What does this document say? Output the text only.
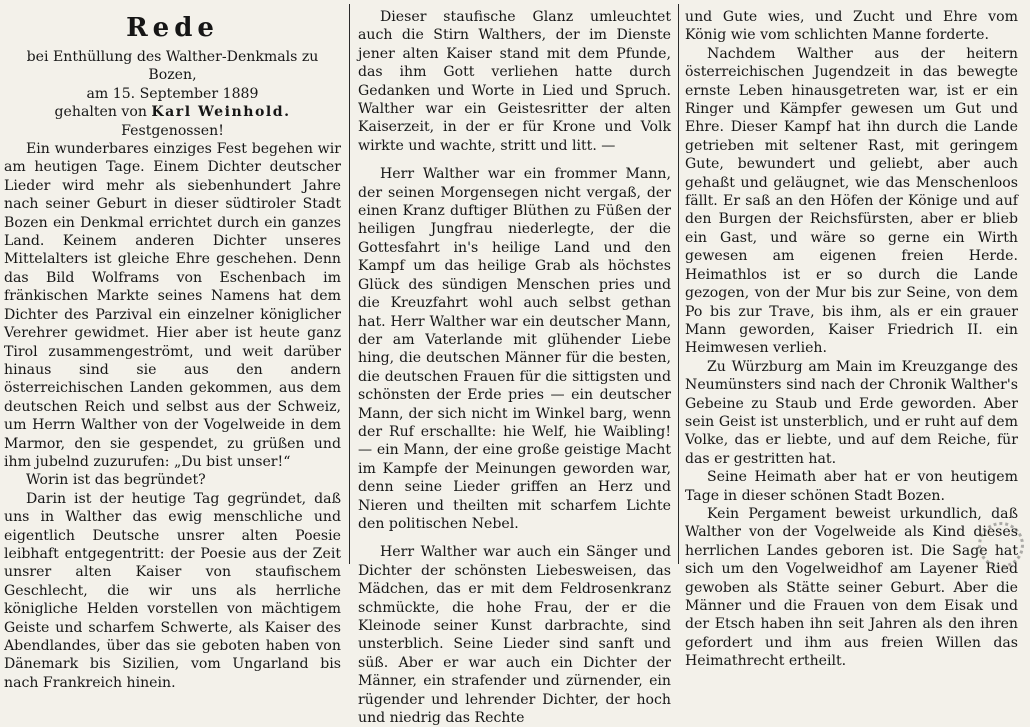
Rede
bei Enthüllung des Walther-Denkmals zu Bozen,
am 15. September 1889
gehalten von Karl Weinhold.
Festgenossen!

Ein wunderbares einziges Fest begehen wir am heutigen Tage. Einem Dichter deutscher Lieder wird mehr als siebenhundert Jahre nach seiner Geburt in dieser südtiroler Stadt Bozen ein Denkmal errichtet durch ein ganzes Land. Keinem anderen Dichter unseres Mittelalters ist gleiche Ehre geschehen. Denn das Bild Wolframs von Eschenbach im fränkischen Markte seines Namens hat dem Dichter des Parzival ein einzelner königlicher Verehrer gewidmet. Hier aber ist heute ganz Tirol zusammengeströmt, und weit darüber hinaus sind sie aus den andern österreichischen Landen gekommen, aus dem deutschen Reich und selbst aus der Schweiz, um Herrn Walther von der Vogelweide in dem Marmor, den sie gespendet, zu grüßen und ihm jubelnd zuzurufen: „Du bist unser!“

Worin ist das begründet?

Darin ist der heutige Tag gegründet, daß uns in Walther das ewig menschliche und eigentlich Deutsche unsrer alten Poesie leibhaft entgegentritt: der Poesie aus der Zeit unsrer alten Kaiser von staufischem Geschlecht, die wir uns als herrliche königliche Helden vorstellen von mächtigem Geiste und scharfem Schwerte, als Kaiser des Abendlandes, über das sie geboten haben von Dänemark bis Sizilien, vom Ungarland bis nach Frankreich hinein.

Dieser staufische Glanz umleuchtet auch die Stirn Walthers, der im Dienste jener alten Kaiser stand mit dem Pfunde, das ihm Gott verliehen hatte durch Gedanken und Worte in Lied und Spruch. Walther war ein Geistesritter der alten Kaiserzeit, in der er für Krone und Volk wirkte und wachte, stritt und litt. —

Herr Walther war ein frommer Mann, der seinen Morgensegen nicht vergaß, der einen Kranz duftiger Blüthen zu Füßen der heiligen Jungfrau niederlegte, der die Gottesfahrt in's heilige Land und den Kampf um das heilige Grab als höchstes Glück des sündigen Menschen pries und die Kreuzfahrt wohl auch selbst gethan hat. Herr Walther war ein deutscher Mann, der am Vaterlande mit glühender Liebe hing, die deutschen Männer für die besten, die deutschen Frauen für die sittigsten und schönsten der Erde pries — ein deutscher Mann, der sich nicht im Winkel barg, wenn der Ruf erschallte: hie Welf, hie Waibling! — ein Mann, der eine große geistige Macht im Kampfe der Meinungen geworden war, denn seine Lieder griffen an Herz und Nieren und theilten mit scharfem Lichte den politischen Nebel.

Herr Walther war auch ein Sänger und Dichter der schönsten Liebesweisen, das Mädchen, das er mit dem Feldrosenkranz schmückte, die hohe Frau, der er die Kleinode seiner Kunst darbrachte, sind unsterblich. Seine Lieder sind sanft und süß. Aber er war auch ein Dichter der Männer, ein strafender und zürnender, ein rügender und lehrender Dichter, der hoch und niedrig das Rechte

und Gute wies, und Zucht und Ehre vom König wie vom schlichten Manne forderte.

Nachdem Walther aus der heitern österreichischen Jugendzeit in das bewegte ernste Leben hinausgetreten war, ist er ein Ringer und Kämpfer gewesen um Gut und Ehre. Dieser Kampf hat ihn durch die Lande getrieben mit seltener Rast, mit geringem Gute, bewundert und geliebt, aber auch gehaßt und geläugnet, wie das Menschenloos fällt. Er saß an den Höfen der Könige und auf den Burgen der Reichsfürsten, aber er blieb ein Gast, und wäre so gerne ein Wirth gewesen am eigenen freien Herde. Heimathlos ist er so durch die Lande gezogen, von der Mur bis zur Seine, von dem Po bis zur Trave, bis ihm, als er ein grauer Mann geworden, Kaiser Friedrich II. ein Heimwesen verlieh.

Zu Würzburg am Main im Kreuzgange des Neumünsters sind nach der Chronik Walther's Gebeine zu Staub und Erde geworden. Aber sein Geist ist unsterblich, und er ruht auf dem Volke, das er liebte, und auf dem Reiche, für das er gestritten hat.

Seine Heimath aber hat er von heutigem Tage in dieser schönen Stadt Bozen.

Kein Pergament beweist urkundlich, daß Walther von der Vogelweide als Kind dieses herrlichen Landes geboren ist. Die Sage hat sich um den Vogelweidhof am Layener Ried gewoben als Stätte seiner Geburt. Aber die Männer und die Frauen von dem Eisak und der Etsch haben ihn seit Jahren als den ihren gefordert und ihm aus freien Willen das Heimathrecht ertheilt.
